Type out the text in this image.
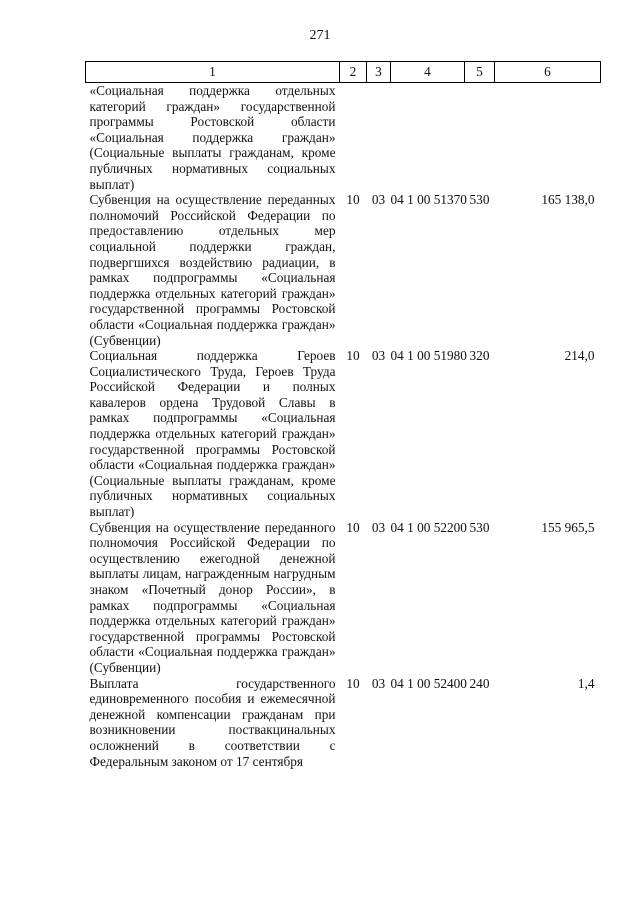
271
1	2	3	4	5	6
«Социальная поддержка отдельных категорий граждан» государственной программы Ростовской области «Социальная поддержка граждан» (Социальные выплаты гражданам, кроме публичных нормативных социальных выплат)					
Субвенция на осуществление переданных полномочий Российской Федерации по предоставлению отдельных мер социальной поддержки граждан, подвергшихся воздействию радиации, в рамках подпрограммы «Социальная поддержка отдельных категорий граждан» государственной программы Ростовской области «Социальная поддержка граждан» (Субвенции)	10	03	04 1 00 51370	530	165 138,0
Социальная поддержка Героев Социалистического Труда, Героев Труда Российской Федерации и полных кавалеров ордена Трудовой Славы в рамках подпрограммы «Социальная поддержка отдельных категорий граждан» государственной программы Ростовской области «Социальная поддержка граждан» (Социальные выплаты гражданам, кроме публичных нормативных социальных выплат)	10	03	04 1 00 51980	320	214,0
Субвенция на осуществление переданного полномочия Российской Федерации по осуществлению ежегодной денежной выплаты лицам, награжденным нагрудным знаком «Почетный донор России», в рамках подпрограммы «Социальная поддержка отдельных категорий граждан» государственной программы Ростовской области «Социальная поддержка граждан» (Субвенции)	10	03	04 1 00 52200	530	155 965,5
Выплата государственного единовременного пособия и ежемесячной денежной компенсации гражданам при возникновении поствакцинальных осложнений в соответствии с Федеральным законом от 17 сентября	10	03	04 1 00 52400	240	1,4
